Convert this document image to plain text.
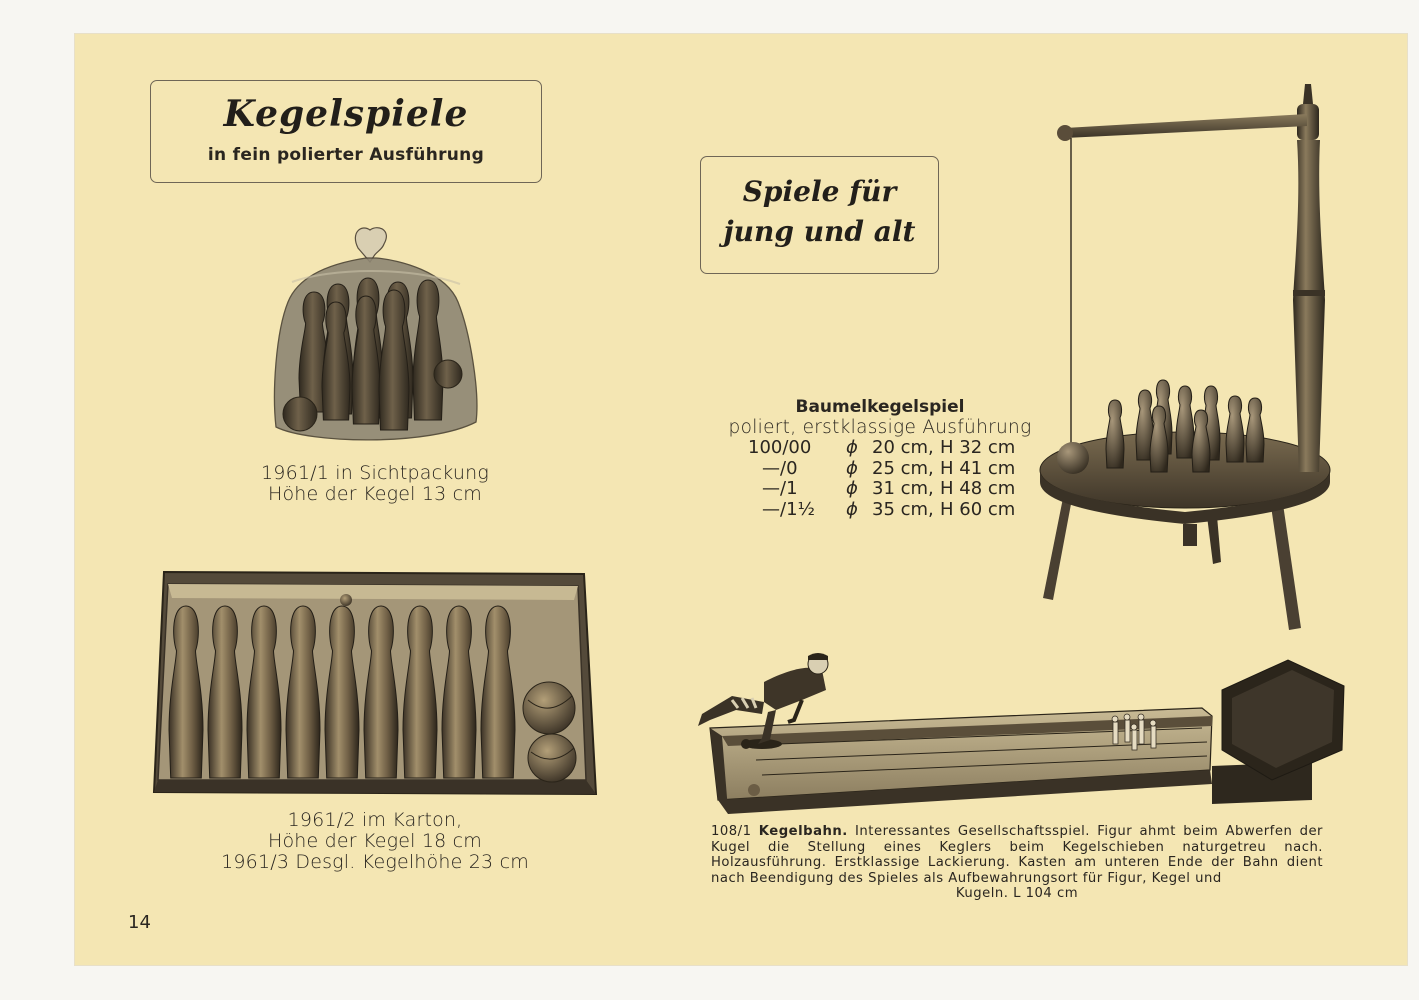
Kegelspiele
in fein polierter Ausführung
Spiele für
jung und alt
1961/1 in Sichtpackung
Höhe der Kegel 13 cm
1961/2 im Karton,
Höhe der Kegel 18 cm
1961/3 Desgl. Kegelhöhe 23 cm
14
Baumelkegelspiel
poliert, erstklassige Ausführung
100/00 ϕ 20 cm, H 32 cm
—/0	ϕ 25 cm, H 41 cm
—/1	ϕ 31 cm, H 48 cm
—/1½ ϕ 35 cm, H 60 cm
108/1 Kegelbahn. Interessantes Gesellschaftsspiel. Figur ahmt beim Abwerfen der Kugel die Stellung eines Keglers beim Kegelschieben naturgetreu nach. Holzausführung. Erstklassige Lackierung. Kasten am unteren Ende der Bahn dient nach Beendigung des Spieles als Aufbewahrungsort für Figur, Kegel und
Kugeln. L 104 cm
